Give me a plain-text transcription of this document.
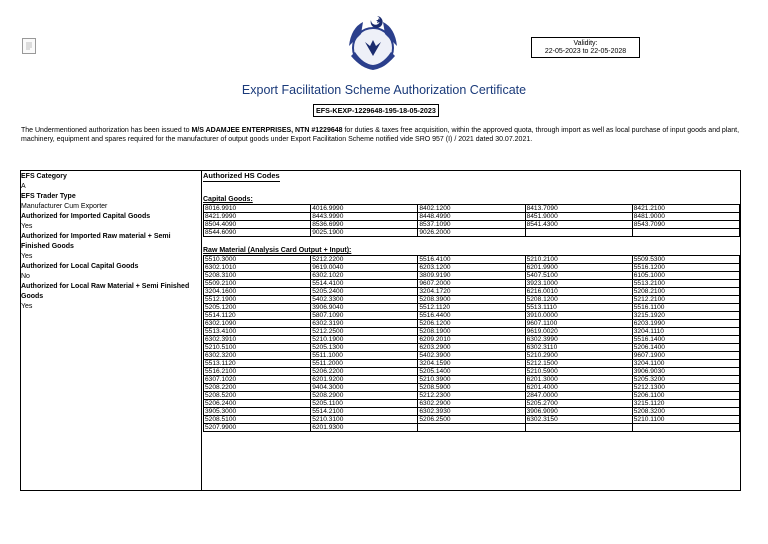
Validity:
22-05-2023 to 22-05-2028
Export Facilitation Scheme Authorization Certificate
EFS-KEXP-1229648-195-18-05-2023
The Undermentioned authorization has been issued to M/S ADAMJEE ENTERPRISES, NTN #1229648 for duties & taxes free acquisition, within the approved quota, through import as well as local purchase of input goods and plant, machinery, equipment and spares required for the manufacturer of output goods under Export Facilitation Scheme notified vide SRO 957 (I) / 2021 dated 30.07.2021.
EFS Category
A
EFS Trader Type
Manufacturer Cum Exporter
Authorized for Imported Capital Goods
Yes
Authorized for Imported Raw material + Semi Finished Goods
Yes
Authorized for Local Capital Goods
No
Authorized for Local Raw Material + Semi Finished Goods
Yes
Authorized HS Codes
Capital Goods:
8016.9910	4016.9990	8402.1200	8413.7090	8421.2100
8421.9990	8443.9990	8448.4990	8451.9000	8481.9000
8504.4090	8536.6990	8537.1090	8541.4300	8543.7090
8544.6090	9025.1900	9026.2000		
Raw Material (Analysis Card Output + Input):
5510.3000	5212.2200	5516.4100	5210.2100	5509.5300
6302.1010	9619.0040	6203.1200	6201.9900	5516.1200
5208.3100	6302.1020	3809.9190	5407.5100	6105.1000
5509.2100	5514.4100	9607.2000	3923.1000	5513.2100
3204.1600	5205.2400	3204.1720	6216.0010	5208.2100
5512.1900	5402.3300	5208.3900	5208.1200	5212.2100
5205.1200	3906.9040	5512.1120	5513.1110	5516.1100
5514.1120	5807.1090	5516.4400	3910.0000	3215.1920
6302.1090	6302.3190	5206.1200	9607.1100	6203.1990
5513.4100	5212.2500	5208.1900	9619.0020	3204.1110
6302.3910	5210.1900	6209.2010	6302.3990	5516.1400
5210.5100	5205.1300	6203.2900	6302.3110	5206.1400
6302.3200	5511.1000	5402.3900	5210.2900	9607.1900
5513.1120	5511.2000	3204.1590	5212.1500	3204.1100
5516.2100	5206.2200	5205.1400	5210.5900	3906.9030
6307.1020	6201.9200	5210.3900	6201.3000	5205.3200
5208.2200	9404.3000	5208.5900	6201.4000	5212.1300
5208.5200	5208.2900	5212.2300	2847.0000	5206.1100
5206.2400	5205.1100	6302.2900	5205.2700	3215.1120
3905.3000	5514.2100	6302.3930	3906.9090	5208.3200
5208.5100	5210.3100	5206.2500	6302.3150	5210.1100
5207.9900	6201.9300			
